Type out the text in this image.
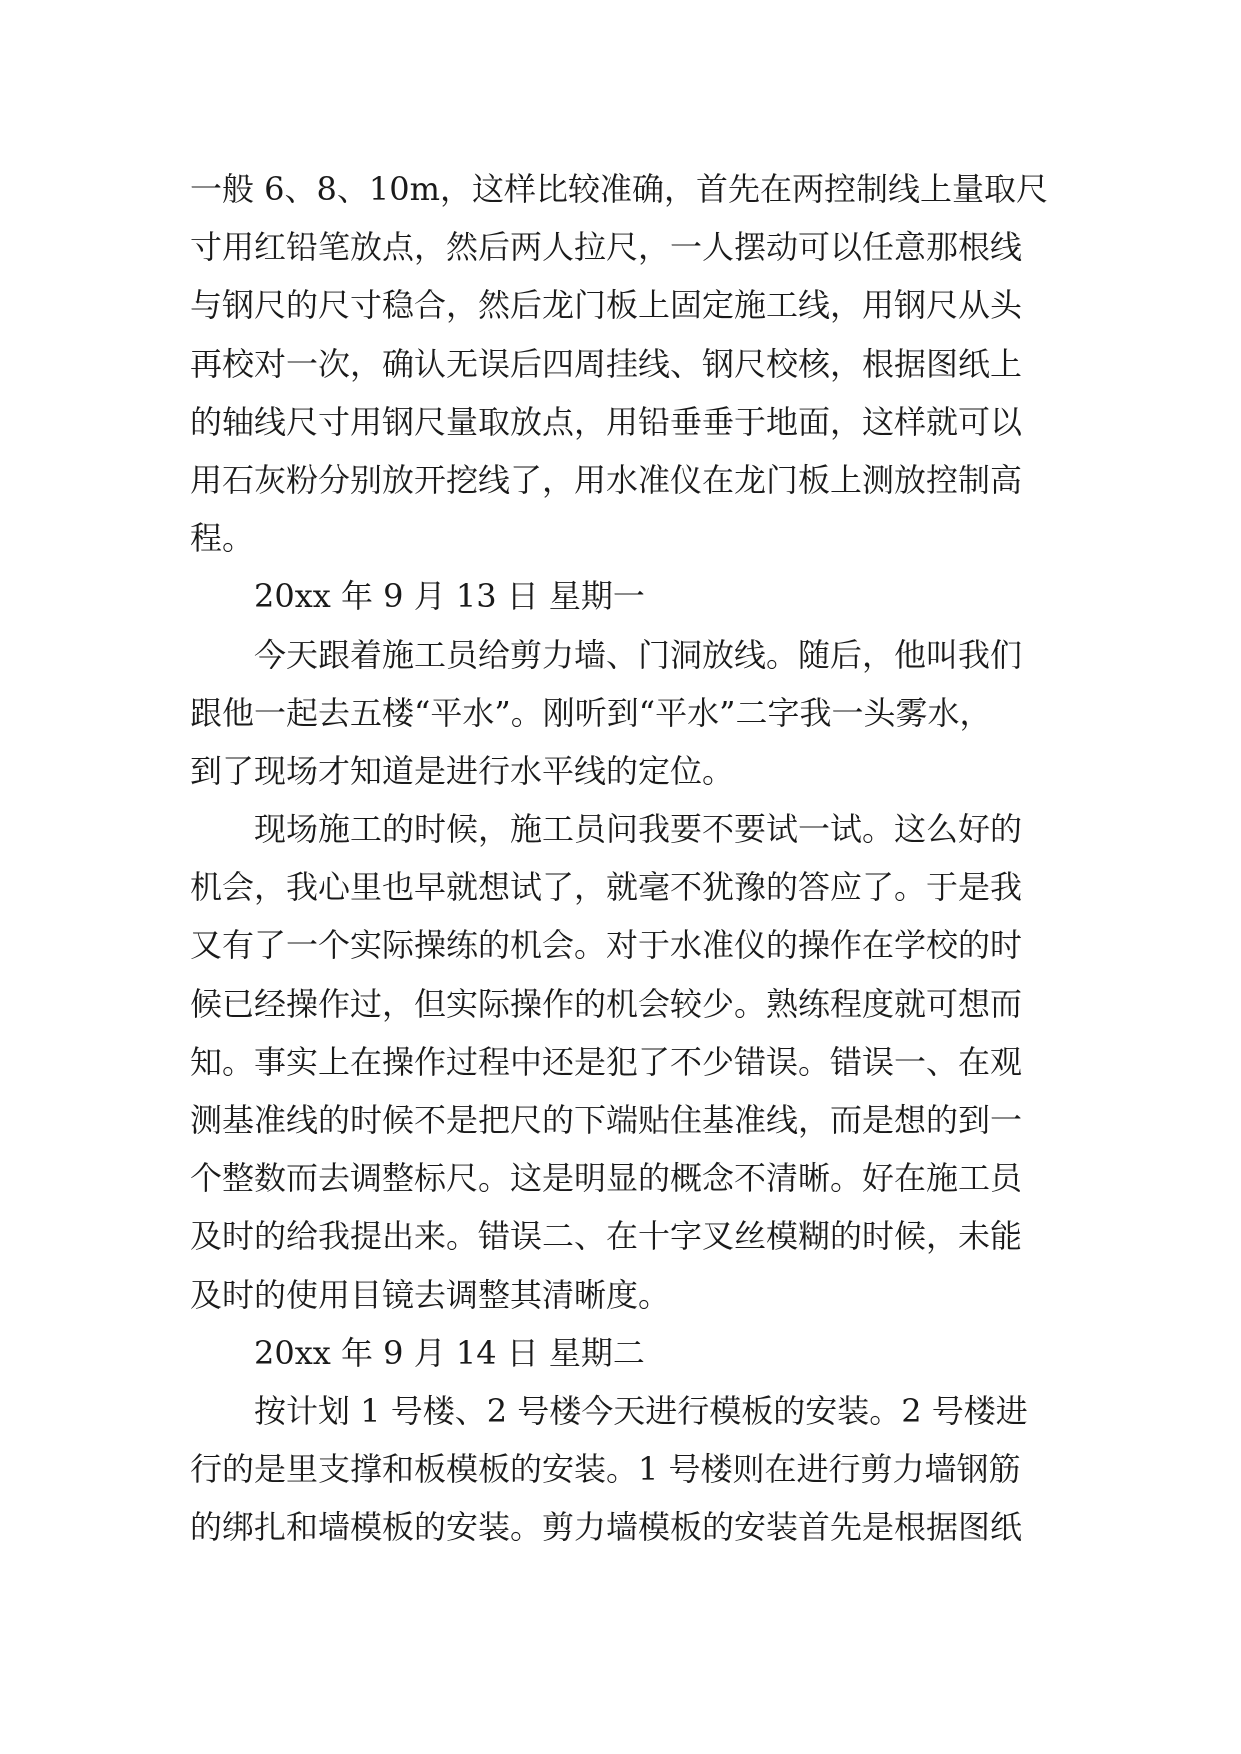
一般 6、8、10m，这样比较准确，首先在两控制线上量取尺
寸用红铅笔放点，然后两人拉尺，一人摆动可以任意那根线
与钢尺的尺寸稳合，然后龙门板上固定施工线，用钢尺从头
再校对一次，确认无误后四周挂线、钢尺校核，根据图纸上
的轴线尺寸用钢尺量取放点，用铅垂垂于地面，这样就可以
用石灰粉分别放开挖线了，用水准仪在龙门板上测放控制高
程。
20xx 年 9 月 13 日 星期一
今天跟着施工员给剪力墙、门洞放线。随后，他叫我们
跟他一起去五楼“平水”。刚听到“平水”二字我一头雾水，
到了现场才知道是进行水平线的定位。
现场施工的时候，施工员问我要不要试一试。这么好的
机会，我心里也早就想试了，就毫不犹豫的答应了。于是我
又有了一个实际操练的机会。对于水准仪的操作在学校的时
候已经操作过，但实际操作的机会较少。熟练程度就可想而
知。事实上在操作过程中还是犯了不少错误。错误一、在观
测基准线的时候不是把尺的下端贴住基准线，而是想的到一
个整数而去调整标尺。这是明显的概念不清晰。好在施工员
及时的给我提出来。错误二、在十字叉丝模糊的时候，未能
及时的使用目镜去调整其清晰度。
20xx 年 9 月 14 日 星期二
按计划 1 号楼、2 号楼今天进行模板的安装。2 号楼进
行的是里支撑和板模板的安装。1 号楼则在进行剪力墙钢筋
的绑扎和墙模板的安装。剪力墙模板的安装首先是根据图纸
